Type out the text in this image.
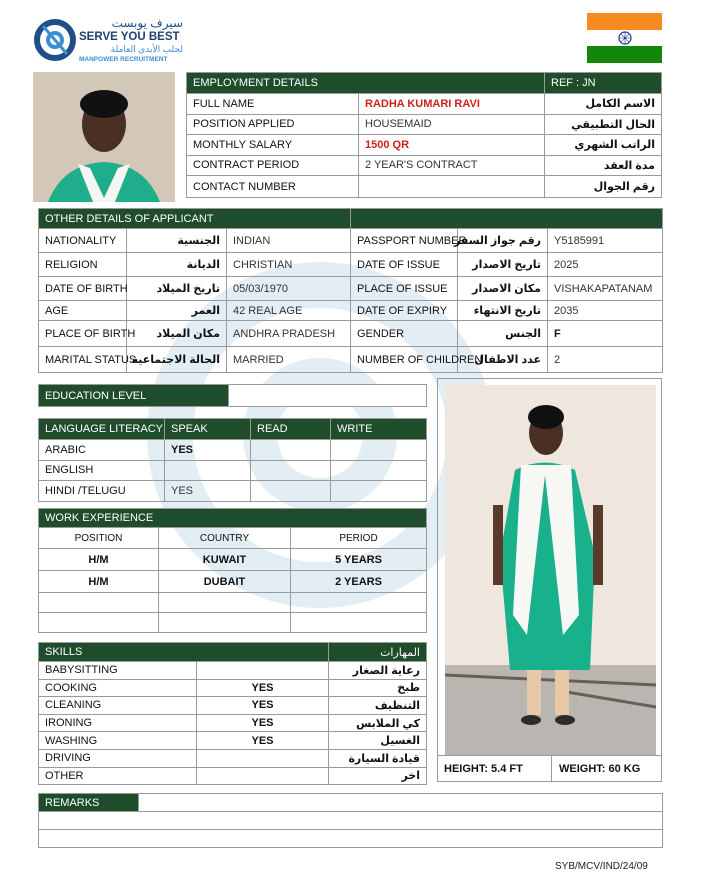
سيرف يوبست
SERVE YOU BEST
لجلب الأيدي العاملة
MANPOWER RECRUITMENT
EMPLOYMENT DETAILS		REF : JN
FULL NAME	RADHA KUMARI RAVI	الاسم الكامل
POSITION APPLIED	HOUSEMAID	الحال التطبيقي
MONTHLY SALARY	1500 QR	الراتب الشهري
CONTRACT PERIOD	2 YEAR'S CONTRACT	مدة العقد
CONTACT NUMBER		رقم الجوال
OTHER DETAILS OF APPLICANT					
NATIONALITY	الجنسية	INDIAN	PASSPORT NUMBER	رقم جواز السفر	Y5185991
RELIGION	الديانة	CHRISTIAN	DATE OF ISSUE	تاريخ الاصدار	2025
DATE OF BIRTH	تاريخ الميلاد	05/03/1970	PLACE OF ISSUE	مكان الاصدار	VISHAKAPATANAM
AGE	العمر	42 REAL AGE	DATE OF EXPIRY	تاريخ الانتهاء	2035
PLACE OF BIRTH	مكان الميلاد	ANDHRA PRADESH	GENDER	الجنس	F
MARITAL STATUS	الحالة الاجتماعية	MARRIED	NUMBER OF CHILDREN	عدد الاطفال	2
EDUCATION LEVEL	
LANGUAGE LITERACY	SPEAK	READ	WRITE
ARABIC	YES		
ENGLISH			
HINDI /TELUGU	YES		
WORK EXPERIENCE		
POSITION	COUNTRY	PERIOD
H/M	KUWAIT	5 YEARS
H/M	DUBAIT	2 YEARS

SKILLS		المهارات
BABYSITTING		رعاية الصغار
COOKING	YES	طبخ
CLEANING	YES	التنظيف
IRONING	YES	كي الملابس
WASHING	YES	الغسيل
DRIVING		قيادة السيارة
OTHER		اخر
HEIGHT: 5.4 FT	WEIGHT: 60 KG
REMARKS	

SYB/MCV/IND/24/09
